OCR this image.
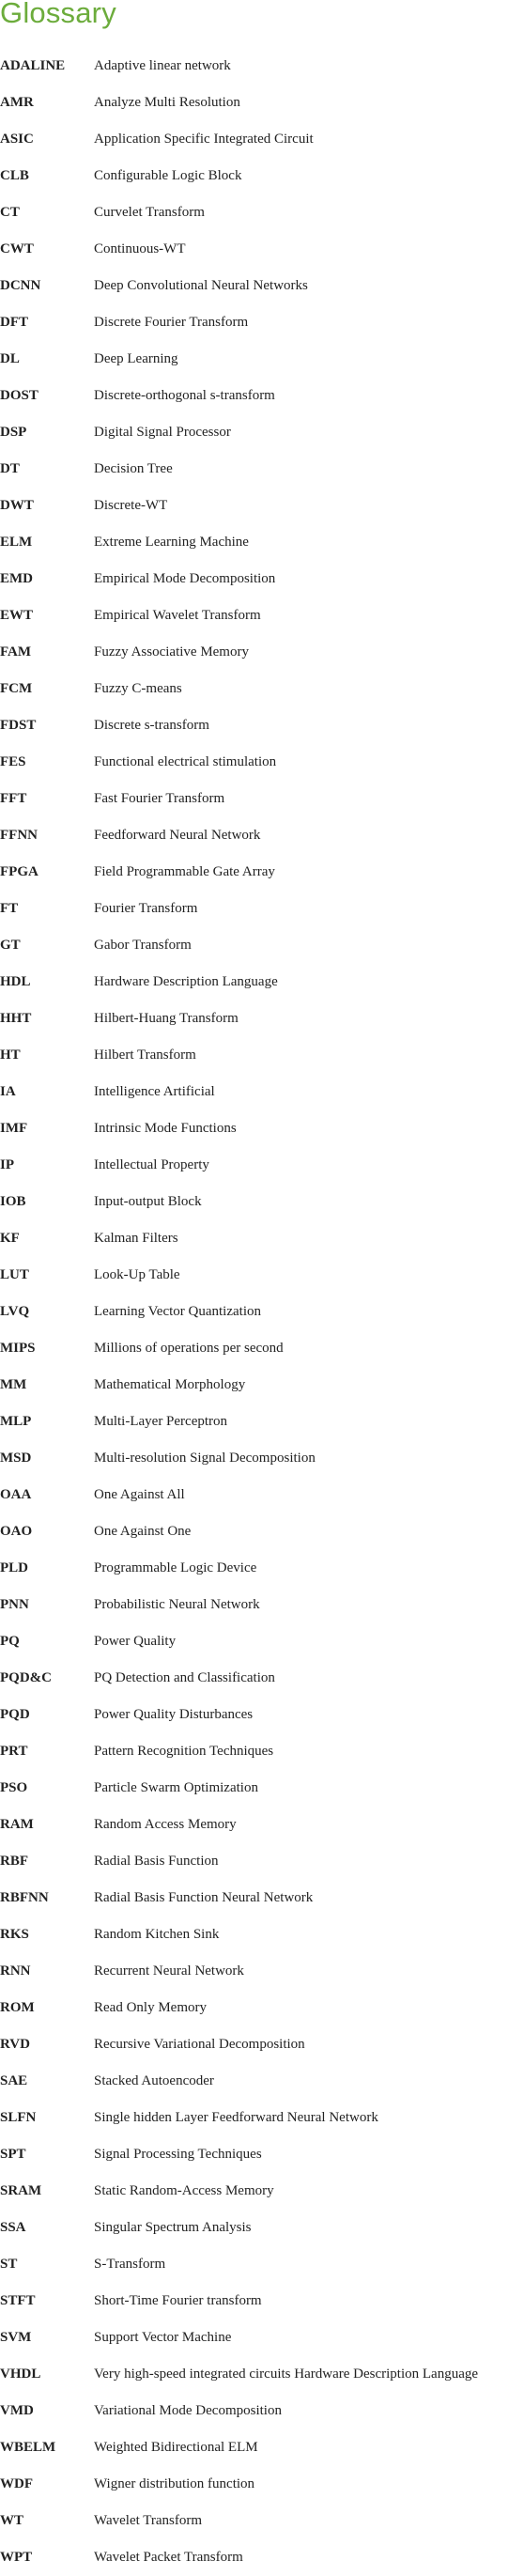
Glossary
ADALINE	Adaptive linear network
AMR	Analyze Multi Resolution
ASIC	Application Specific Integrated Circuit
CLB	Configurable Logic Block
CT	Curvelet Transform
CWT	Continuous-WT
DCNN	Deep Convolutional Neural Networks
DFT	Discrete Fourier Transform
DL	Deep Learning
DOST	Discrete-orthogonal s-transform
DSP	Digital Signal Processor
DT	Decision Tree
DWT	Discrete-WT
ELM	Extreme Learning Machine
EMD	Empirical Mode Decomposition
EWT	Empirical Wavelet Transform
FAM	Fuzzy Associative Memory
FCM	Fuzzy C-means
FDST	Discrete s-transform
FES	Functional electrical stimulation
FFT	Fast Fourier Transform
FFNN	Feedforward Neural Network
FPGA	Field Programmable Gate Array
FT	Fourier Transform
GT	Gabor Transform
HDL	Hardware Description Language
HHT	Hilbert-Huang Transform
HT	Hilbert Transform
IA	Intelligence Artificial
IMF	Intrinsic Mode Functions
IP	Intellectual Property
IOB	Input-output Block
KF	Kalman Filters
LUT	Look-Up Table
LVQ	Learning Vector Quantization
MIPS	Millions of operations per second
MM	Mathematical Morphology
MLP	Multi-Layer Perceptron
MSD	Multi-resolution Signal Decomposition
OAA	One Against All
OAO	One Against One
PLD	Programmable Logic Device
PNN	Probabilistic Neural Network
PQ	Power Quality
PQD&C	PQ Detection and Classification
PQD	Power Quality Disturbances
PRT	Pattern Recognition Techniques
PSO	Particle Swarm Optimization
RAM	Random Access Memory
RBF	Radial Basis Function
RBFNN	Radial Basis Function Neural Network
RKS	Random Kitchen Sink
RNN	Recurrent Neural Network
ROM	Read Only Memory
RVD	Recursive Variational Decomposition
SAE	Stacked Autoencoder
SLFN	Single hidden Layer Feedforward Neural Network
SPT	Signal Processing Techniques
SRAM	Static Random-Access Memory
SSA	Singular Spectrum Analysis
ST	S-Transform
STFT	Short-Time Fourier transform
SVM	Support Vector Machine
VHDL	Very high-speed integrated circuits Hardware Description Language
VMD	Variational Mode Decomposition
WBELM	Weighted Bidirectional ELM
WDF	Wigner distribution function
WT	Wavelet Transform
WPT	Wavelet Packet Transform
